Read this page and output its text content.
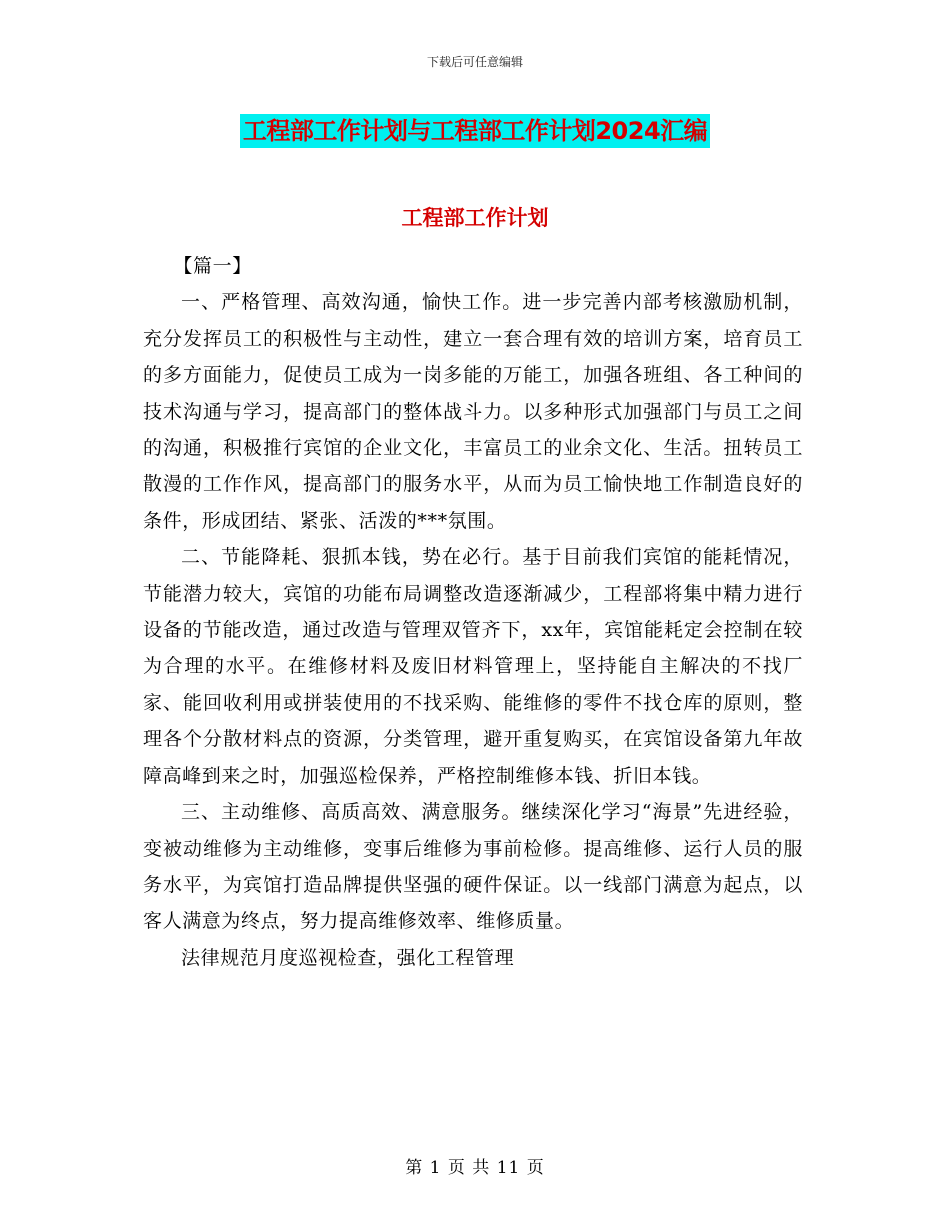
下载后可任意编辑
工程部工作计划与工程部工作计划2024汇编
工程部工作计划

【篇一】

一、严格管理、高效沟通，愉快工作。进一步完善内部考核激励机制，充分发挥员工的积极性与主动性，建立一套合理有效的培训方案，培育员工的多方面能力，促使员工成为一岗多能的万能工，加强各班组、各工种间的技术沟通与学习，提高部门的整体战斗力。以多种形式加强部门与员工之间的沟通，积极推行宾馆的企业文化，丰富员工的业余文化、生活。扭转员工散漫的工作作风，提高部门的服务水平，从而为员工愉快地工作制造良好的条件，形成团结、紧张、活泼的***氛围。

二、节能降耗、狠抓本钱，势在必行。基于目前我们宾馆的能耗情况，节能潜力较大，宾馆的功能布局调整改造逐渐减少，工程部将集中精力进行设备的节能改造，通过改造与管理双管齐下，xx年，宾馆能耗定会控制在较为合理的水平。在维修材料及废旧材料管理上，坚持能自主解决的不找厂家、能回收利用或拼装使用的不找采购、能维修的零件不找仓库的原则，整理各个分散材料点的资源，分类管理，避开重复购买，在宾馆设备第九年故障高峰到来之时，加强巡检保养，严格控制维修本钱、折旧本钱。

三、主动维修、高质高效、满意服务。继续深化学习“海景”先进经验，变被动维修为主动维修，变事后维修为事前检修。提高维修、运行人员的服务水平，为宾馆打造品牌提供坚强的硬件保证。以一线部门满意为起点，以客人满意为终点，努力提高维修效率、维修质量。

法律规范月度巡视检查，强化工程管理

第 1 页 共 11 页
